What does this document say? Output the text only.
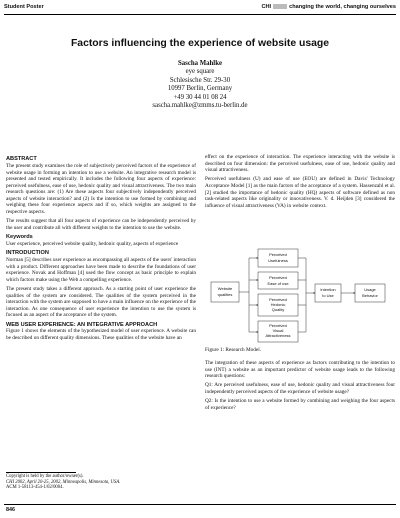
Student Poster	CHI	changing the world, changing ourselves
Factors influencing the experience of website usage
Sascha Mahlke
eye square
Schlesische Str. 29-30
10997 Berlin, Germany
+49 30 44 01 08 24
sascha.mahlke@zmms.tu-berlin.de
ABSTRACT

The present study examines the role of subjectively perceived factors of the experience of website usage in forming an intention to use a website. An integrative research model is presented and tested empirically. It includes the following four aspects of experience: perceived usefulness, ease of use, hedonic quality and visual attractiveness. The two main research questions are: (1) Are these aspects four subjectively independently perceived aspects of website interaction? and (2) Is the intention to use formed by combining and weighing these four experience aspects and if so, which weights are assigned to the respective aspects.

The results suggest that all four aspects of experience can be independently perceived by the user and contribute all with different weights to the intention to use the website.

Keywords

User experience, perceived website quality, hedonic quality, aspects of experience

INTRODUCTION

Norman [5] describes user experience as encompassing all aspects of the users' interaction with a product. Different approaches have been made to describe the foundations of user experience. Novak and Hoffman [4] used the flow concept as basic principle to explain which factors make using the Web a compelling experience.

The present study takes a different approach. As a starting point of user experience the qualities of the system are considered. The qualities of the system perceived in the interaction with the system are supposed to have a main influence on the experience of the interaction. As one consequence of user experience the intention to use the system is focused as an aspect of the acceptance of the system.

WEB USER EXPERIENCE: AN INTEGRATIVE APPROACH

Figure 1 shows the elements of the hypothesized model of user experience. A website can be described on different quality dimensions. These qualities of the website have an

effect on the experience of interaction. The experience interacting with the website is described on four dimension: the perceived usefulness, ease of use, hedonic quality and visual attractiveness.

Perceived usefulness (U) and ease of use (EOU) are defined in Davis' Technology Acceptance Model [1] as the main factors of the acceptance of a system. Hassenzahl et al. [2] studied the importance of hedonic quality (HQ) aspects of software defined as non task-related aspects like originality or innovativeness. V. d. Heijden [3] considered the influence of visual attractiveness (VA) in website context.

Website
qualities
Perceived
Usefulness
Perceived
Ease of use
Perceived
Hedonic
Quality
Perceived
Visual
Attractiveness
Intention
to Use
Usage
Behavior
Figure 1: Research Model.

The integration of these aspects of experience as factors contributing to the intention to use (INT) a website as an important predictor of website usage leads to the following research questions:

Q1: Are perceived usefulness, ease of use, hedonic quality and visual attractiveness four independently perceived aspects of the experience of website usage?

Q2: Is the intention to use a website formed by combining and weighing the four aspects of experience?

Copyright is held by the author/owner(s).
CHI 2002, April 20-25, 2002, Minneapolis, Minnesota, USA.
ACM 1-58113-454-1/02/0004.
846
